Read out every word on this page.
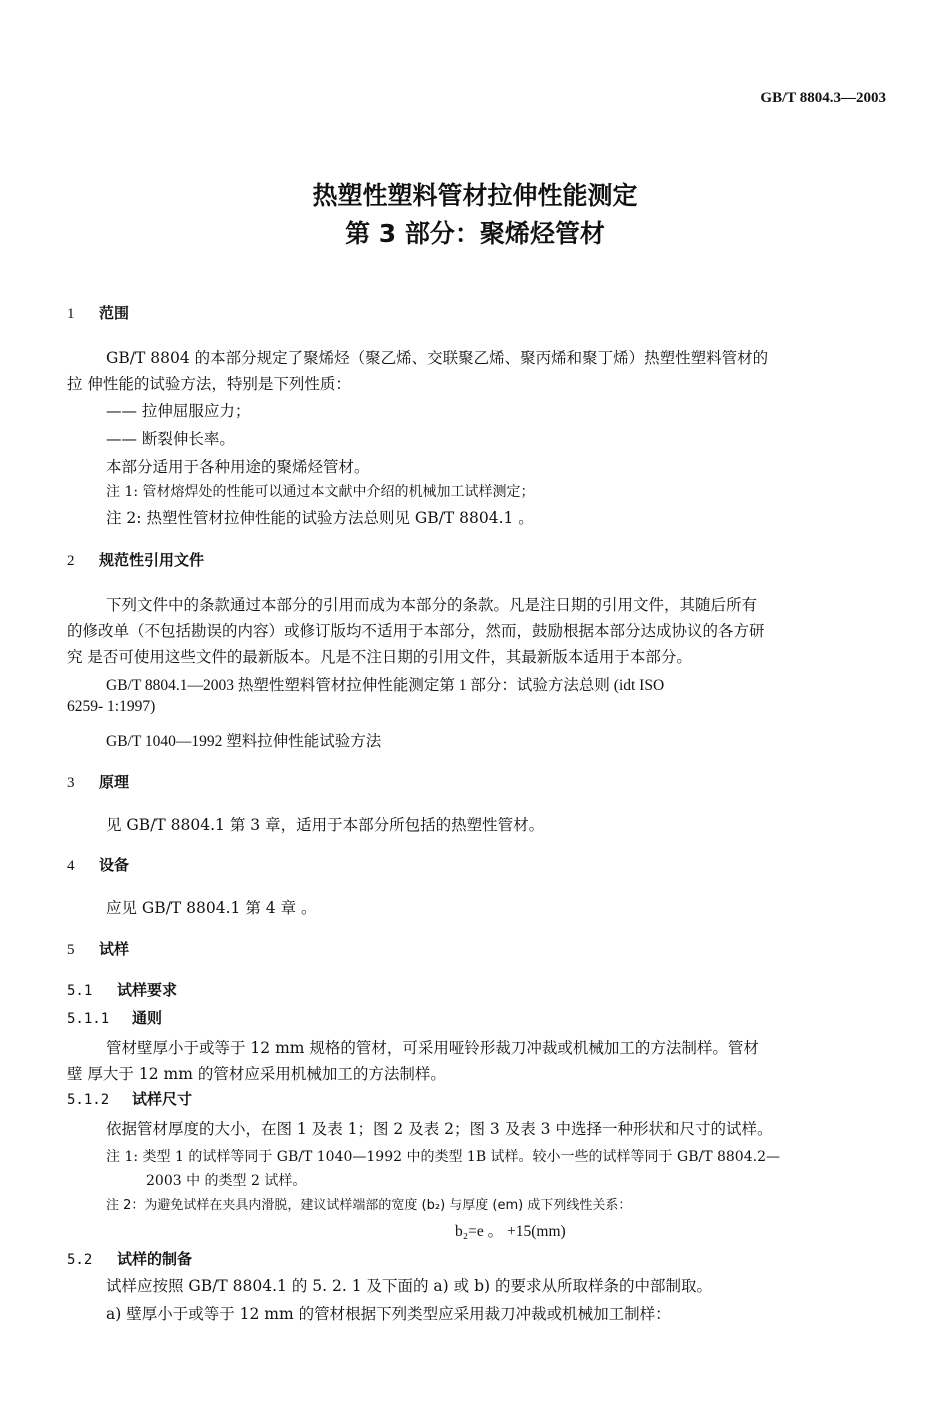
GB/T 8804.3—2003
热塑性塑料管材拉伸性能测定
第 3 部分：聚烯烃管材
1 范围
GB/T 8804 的本部分规定了聚烯烃（聚乙烯、交联聚乙烯、聚丙烯和聚丁烯）热塑性塑料管材的
拉 伸性能的试验方法，特别是下列性质：
—— 拉伸屈服应力；
—— 断裂伸长率。
本部分适用于各种用途的聚烯烃管材。
注 1: 管材熔焊处的性能可以通过本文献中介绍的机械加工试样测定；
注 2: 热塑性管材拉伸性能的试验方法总则见 GB/T 8804.1 。
2 规范性引用文件
下列文件中的条款通过本部分的引用而成为本部分的条款。凡是注日期的引用文件，其随后所有
的修改单（不包括勘误的内容）或修订版均不适用于本部分，然而，鼓励根据本部分达成协议的各方研
究 是否可使用这些文件的最新版本。凡是不注日期的引用文件，其最新版本适用于本部分。
GB/T 8804.1—2003 热塑性塑料管材拉伸性能测定第 1 部分：试验方法总则 (idt ISO
6259- 1:1997)
GB/T 1040—1992 塑料拉伸性能试验方法
3 原理
见 GB/T 8804.1 第 3 章，适用于本部分所包括的热塑性管材。
4 设备
应见 GB/T 8804.1 第 4 章 。
5 试样
5.1 试样要求
5.1.1 通则
管材壁厚小于或等于 12 mm 规格的管材，可采用哑铃形裁刀冲裁或机械加工的方法制样。管材
壁 厚大于 12 mm 的管材应采用机械加工的方法制样。
5.1.2 试样尺寸
依据管材厚度的大小，在图 1 及表 1；图 2 及表 2；图 3 及表 3 中选择一种形状和尺寸的试样。
注 1: 类型 1 的试样等同于 GB/T 1040—1992 中的类型 1B 试样。较小一些的试样等同于 GB/T 8804.2—
2003 中 的类型 2 试样。
注 2：为避免试样在夹具内滑脱，建议试样端部的宽度 (b₂) 与厚度 (em) 成下列线性关系：
b₂=e 。 +15(mm)
5.2 试样的制备
试样应按照 GB/T 8804.1 的 5. 2. 1 及下面的 a) 或 b) 的要求从所取样条的中部制取。
a) 壁厚小于或等于 12 mm 的管材根据下列类型应采用裁刀冲裁或机械加工制样：
